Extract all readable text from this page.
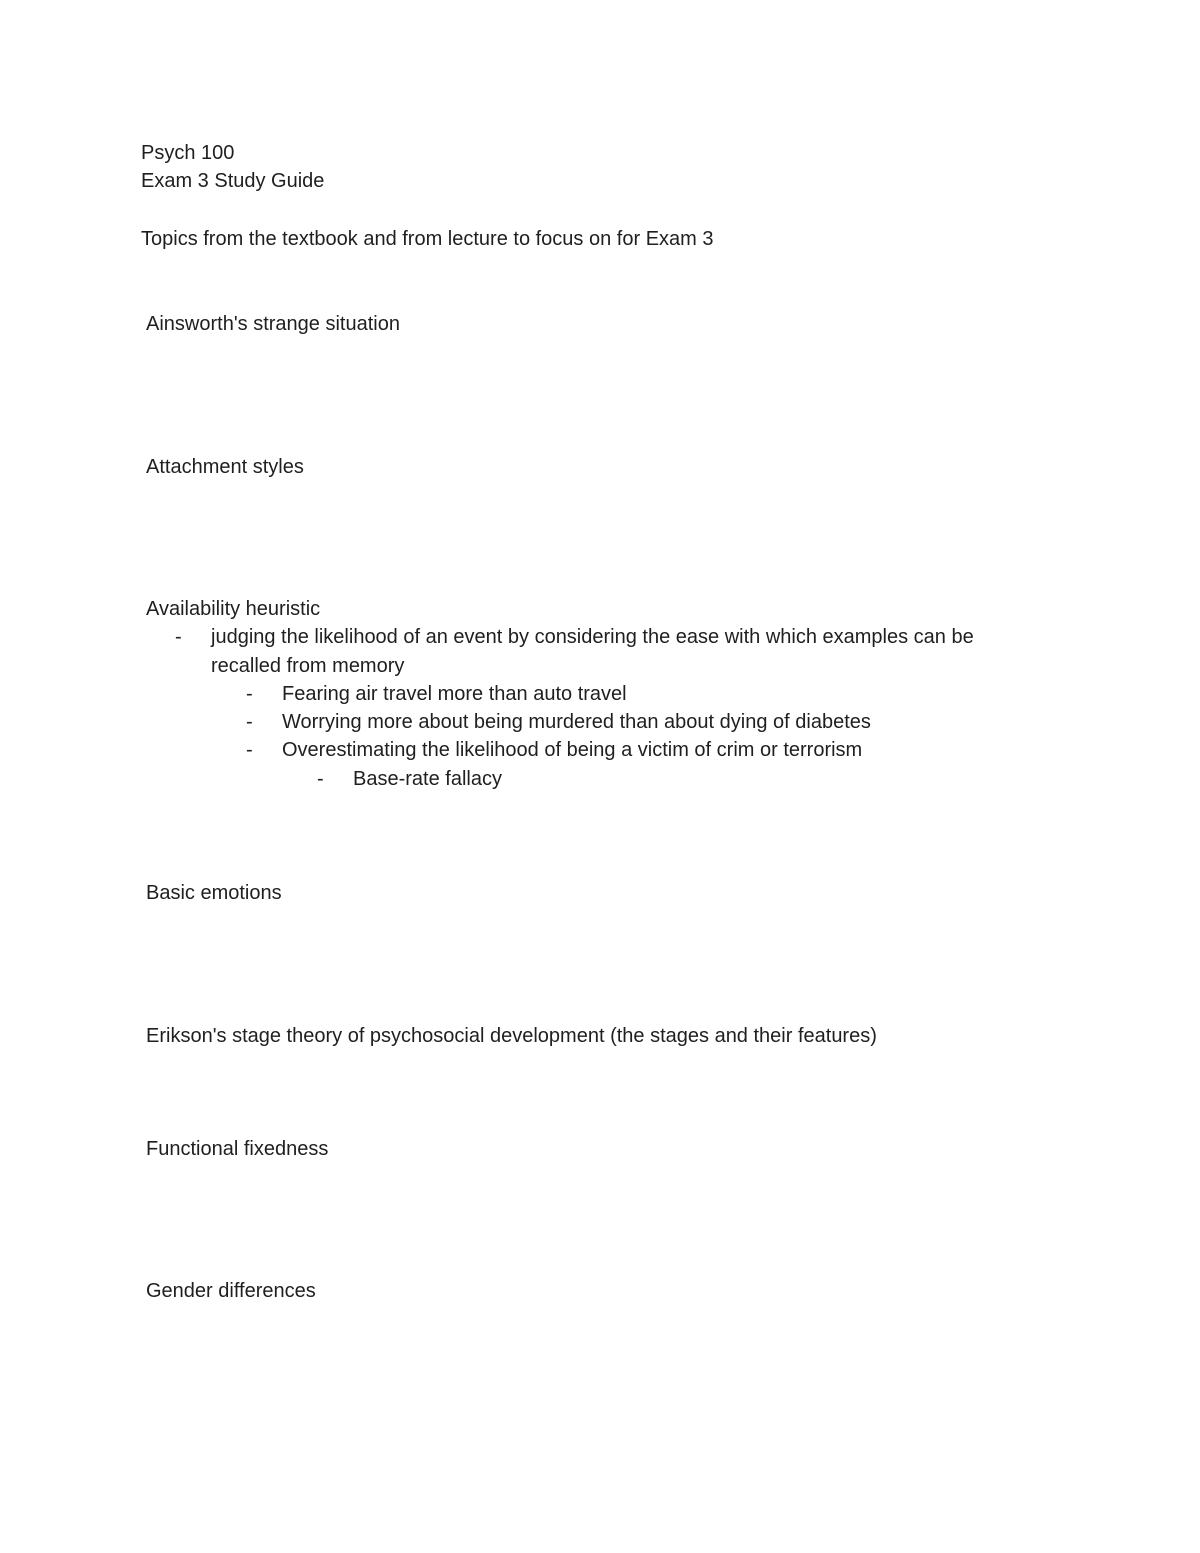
Psych 100
Exam 3 Study Guide
Topics from the textbook and from lecture to focus on for Exam 3
Ainsworth's strange situation
Attachment styles
Availability heuristic
- judging the likelihood of an event by considering the ease with which examples can be
recalled from memory
- Fearing air travel more than auto travel
- Worrying more about being murdered than about dying of diabetes
- Overestimating the likelihood of being a victim of crim or terrorism
- Base-rate fallacy
Basic emotions
Erikson's stage theory of psychosocial development (the stages and their features)
Functional fixedness
Gender differences
